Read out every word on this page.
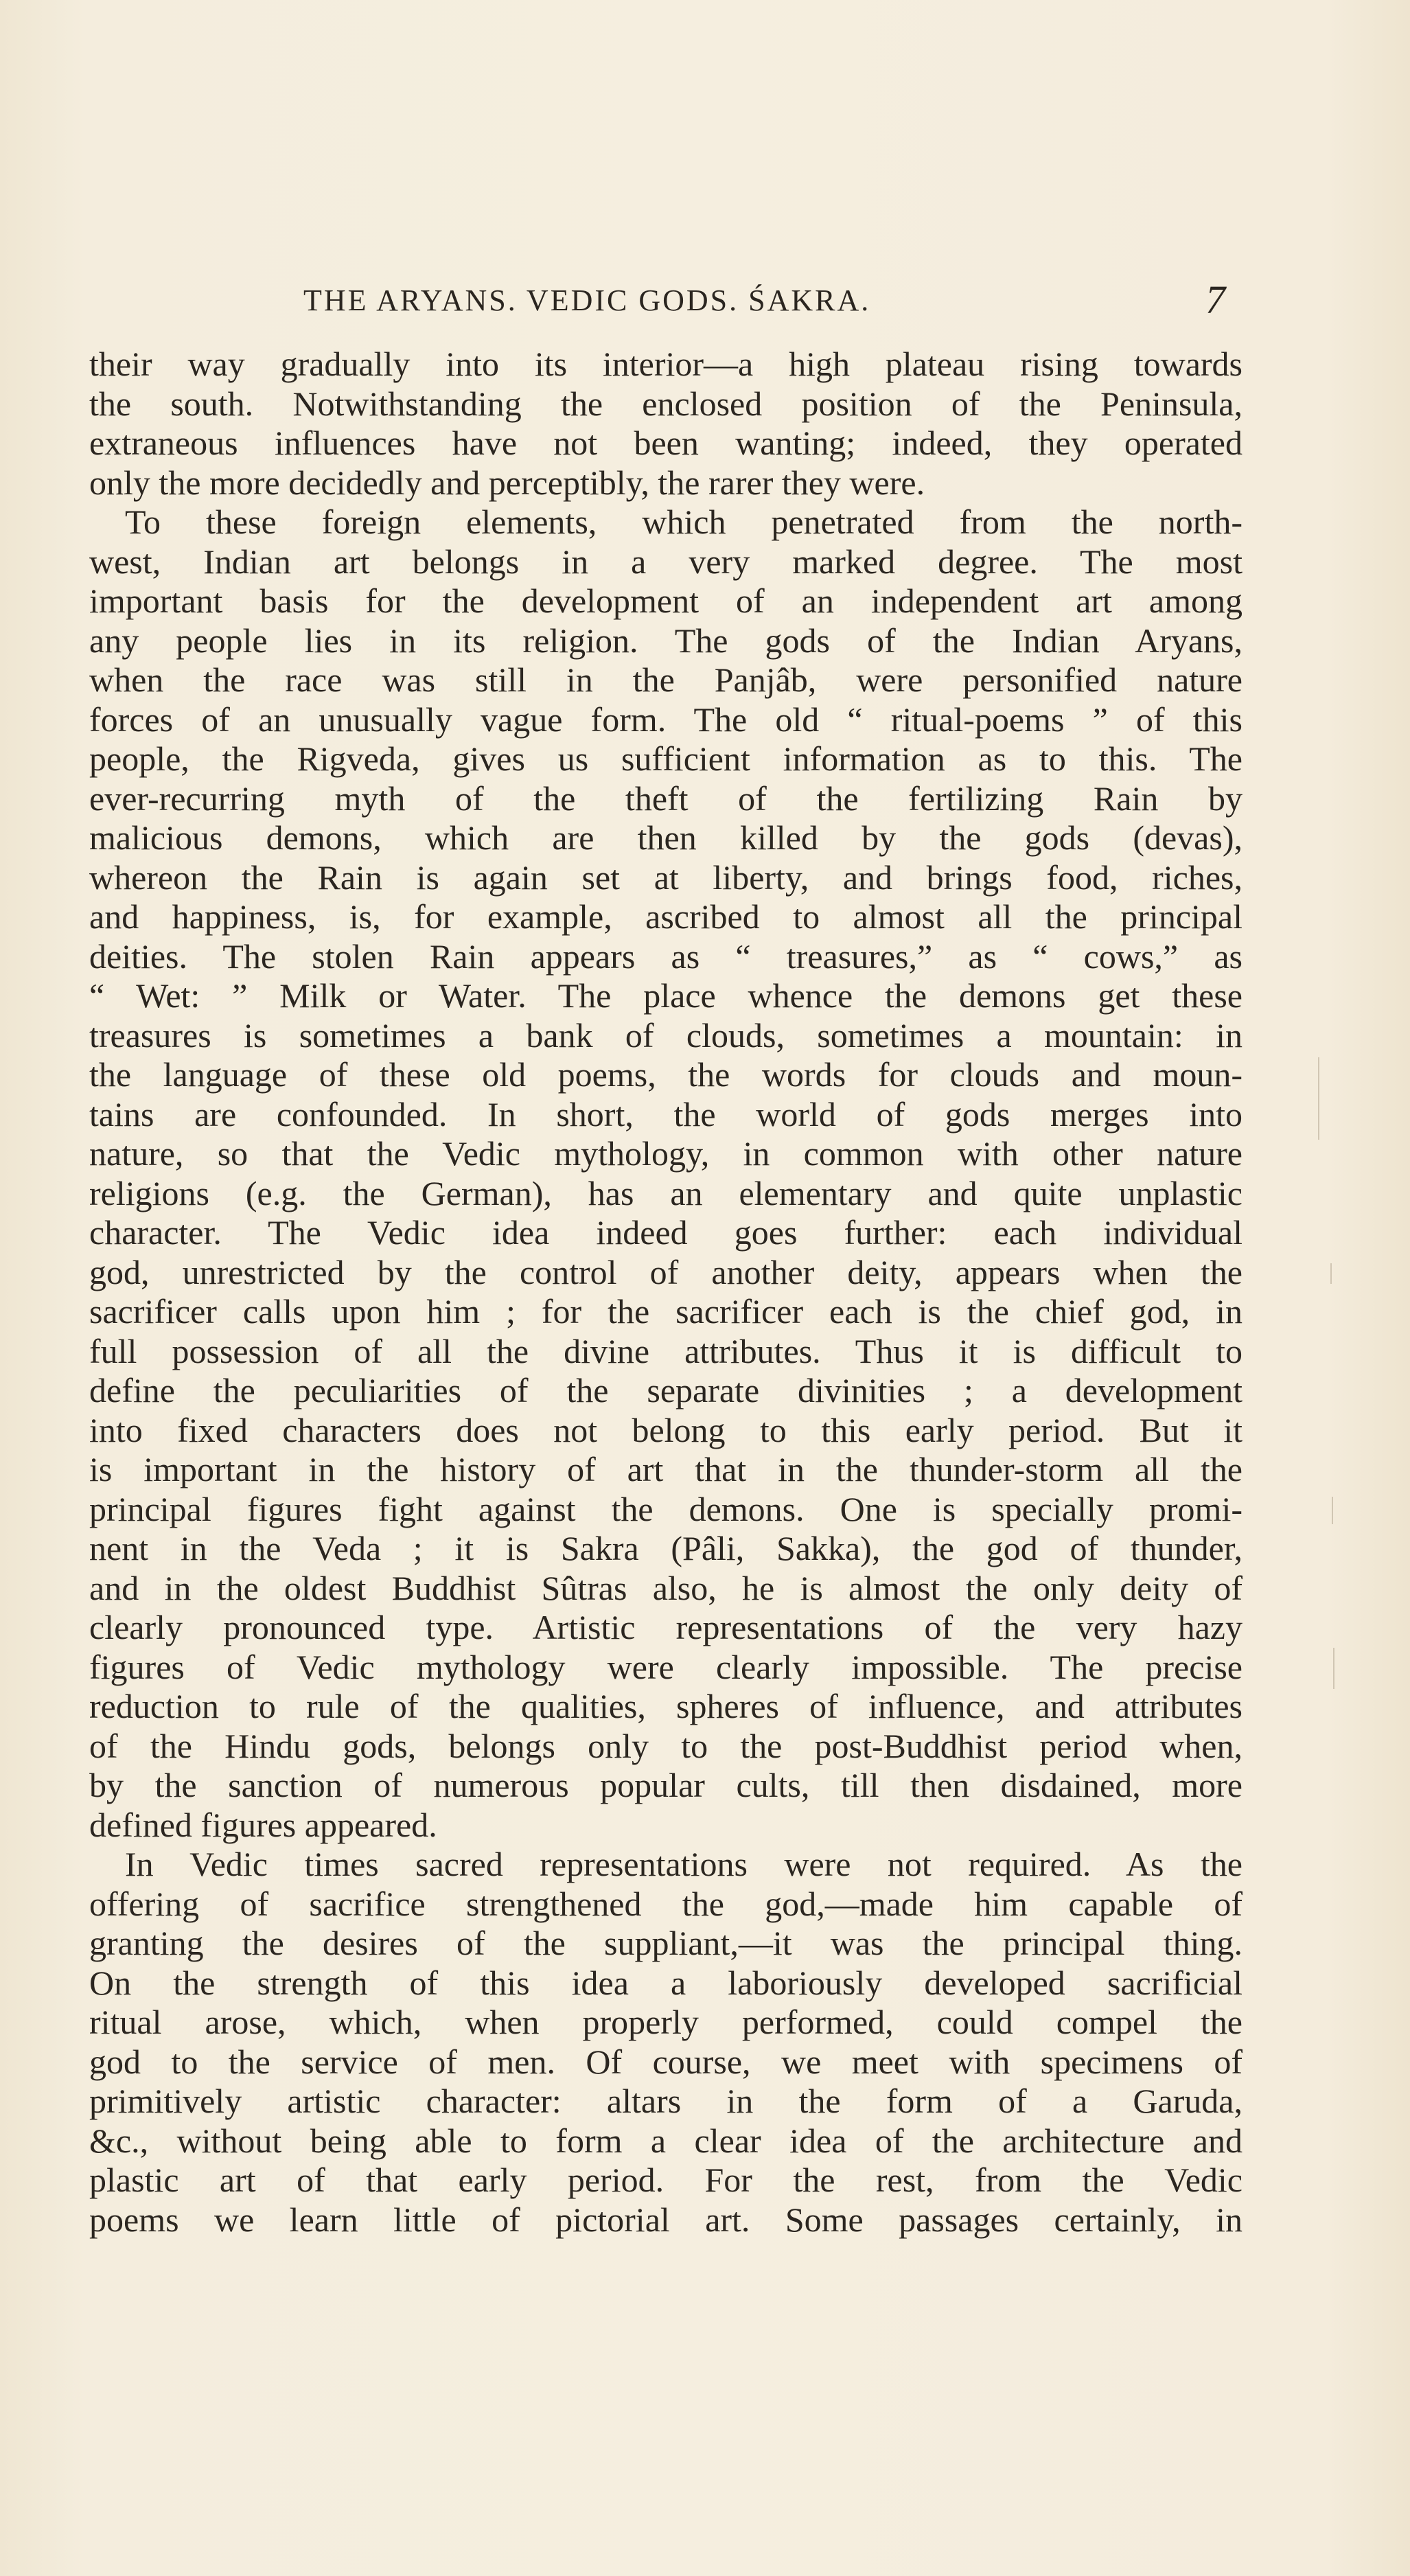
THE ARYANS. VEDIC GODS. ŚAKRA.	7
their way gradually into its interior—a high plateau rising towards
the south. Notwithstanding the enclosed position of the Peninsula,
extraneous influences have not been wanting; indeed, they operated
only the more decidedly and perceptibly, the rarer they were.
To these foreign elements, which penetrated from the north-
west, Indian art belongs in a very marked degree. The most
important basis for the development of an independent art among
any people lies in its religion. The gods of the Indian Aryans,
when the race was still in the Panjâb, were personified nature
forces of an unusually vague form. The old “ ritual-poems ” of this
people, the Rigveda, gives us sufficient information as to this. The
ever-recurring myth of the theft of the fertilizing Rain by
malicious demons, which are then killed by the gods (devas),
whereon the Rain is again set at liberty, and brings food, riches,
and happiness, is, for example, ascribed to almost all the principal
deities. The stolen Rain appears as “ treasures,” as “ cows,” as
“ Wet: ” Milk or Water. The place whence the demons get these
treasures is sometimes a bank of clouds, sometimes a mountain: in
the language of these old poems, the words for clouds and moun-
tains are confounded. In short, the world of gods merges into
nature, so that the Vedic mythology, in common with other nature
religions (e.g. the German), has an elementary and quite unplastic
character. The Vedic idea indeed goes further: each individual
god, unrestricted by the control of another deity, appears when the
sacrificer calls upon him ; for the sacrificer each is the chief god, in
full possession of all the divine attributes. Thus it is difficult to
define the peculiarities of the separate divinities ; a development
into fixed characters does not belong to this early period. But it
is important in the history of art that in the thunder-storm all the
principal figures fight against the demons. One is specially promi-
nent in the Veda ; it is Sakra (Pâli, Sakka), the god of thunder,
and in the oldest Buddhist Sûtras also, he is almost the only deity of
clearly pronounced type. Artistic representations of the very hazy
figures of Vedic mythology were clearly impossible. The precise
reduction to rule of the qualities, spheres of influence, and attributes
of the Hindu gods, belongs only to the post-Buddhist period when,
by the sanction of numerous popular cults, till then disdained, more
defined figures appeared.
In Vedic times sacred representations were not required. As the
offering of sacrifice strengthened the god,—made him capable of
granting the desires of the suppliant,—it was the principal thing.
On the strength of this idea a laboriously developed sacrificial
ritual arose, which, when properly performed, could compel the
god to the service of men. Of course, we meet with specimens of
primitively artistic character: altars in the form of a Garuda,
&c., without being able to form a clear idea of the architecture and
plastic art of that early period. For the rest, from the Vedic
poems we learn little of pictorial art. Some passages certainly, in
